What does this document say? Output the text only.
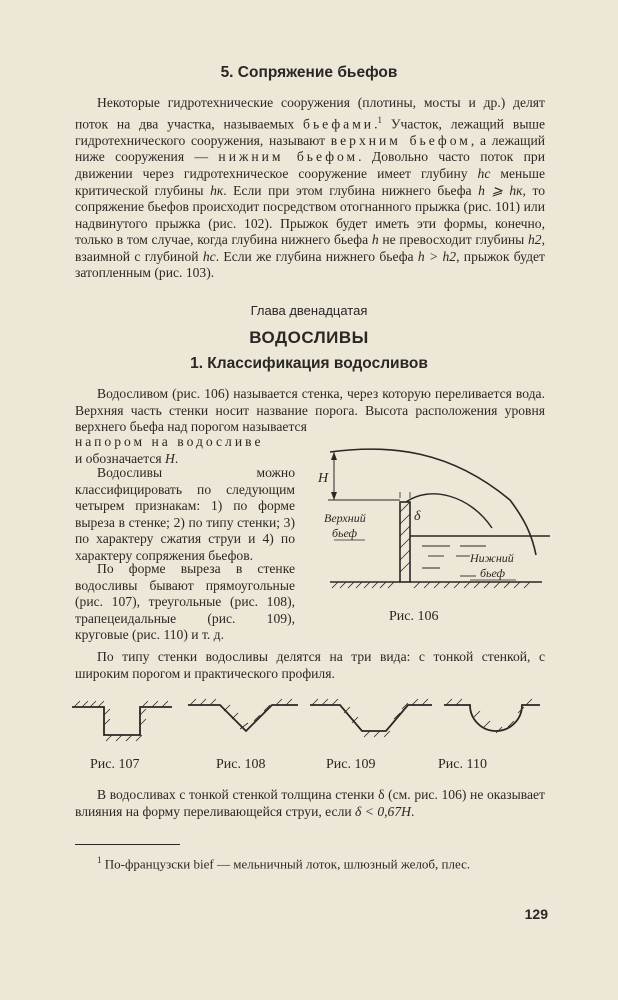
5. Сопряжение бьефов

Некоторые гидротехнические сооружения (плотины, мосты и др.) делят поток на два участка, называемых бьефами.$^1$ Участок, лежащий выше гидротехнического сооружения, называют верхним бьефом, а лежащий ниже сооружения — нижним бьефом. Довольно часто поток при движении через гидротехническое сооружение имеет глубину hc меньше критической глубины hк. Если при этом глубина нижнего бьефа h ⩾ hк, то сопряжение бьефов происходит посредством отогнанного прыжка (рис. 101) или надвинутого прыжка (рис. 102). Прыжок будет иметь эти формы, конечно, только в том случае, когда глубина нижнего бьефа h не превосходит глубины h2, взаимной с глубиной hc. Если же глубина нижнего бьефа h > h2, прыжок будет затопленным (рис. 103).

Глава двенадцатая
ВОДОСЛИВЫ
1. Классификация водосливов

Водосливом (рис. 106) называется стенка, через которую переливается вода. Верхняя часть стенки носит название порога. Высота расположения уровня верхнего бьефа над порогом называется

напором на водосливе
и обозначается H.

Водосливы можно классифицировать по следующим четырем признакам: 1) по форме выреза в стенке; 2) по типу стенки; 3) по характеру сжатия струи и 4) по характеру сопряжения бьефов.

По форме выреза в стенке водосливы бывают прямоугольные (рис. 107), треугольные (рис. 108), трапецеидальные (рис. 109), круговые (рис. 110) и т. д.

H
δ
Верхний
бьеф
Нижний
бьеф
Рис. 106

По типу стенки водосливы делятся на три вида: с тонкой стенкой, с широким порогом и практического профиля.

Рис. 107	Рис. 108	Рис. 109	Рис. 110

В водосливах с тонкой стенкой толщина стенки δ (см. рис. 106) не оказывает влияния на форму переливающейся струи, если δ < 0,67H.

$^1$ По-французски bief — мельничный лоток, шлюзный желоб, плес.

129
